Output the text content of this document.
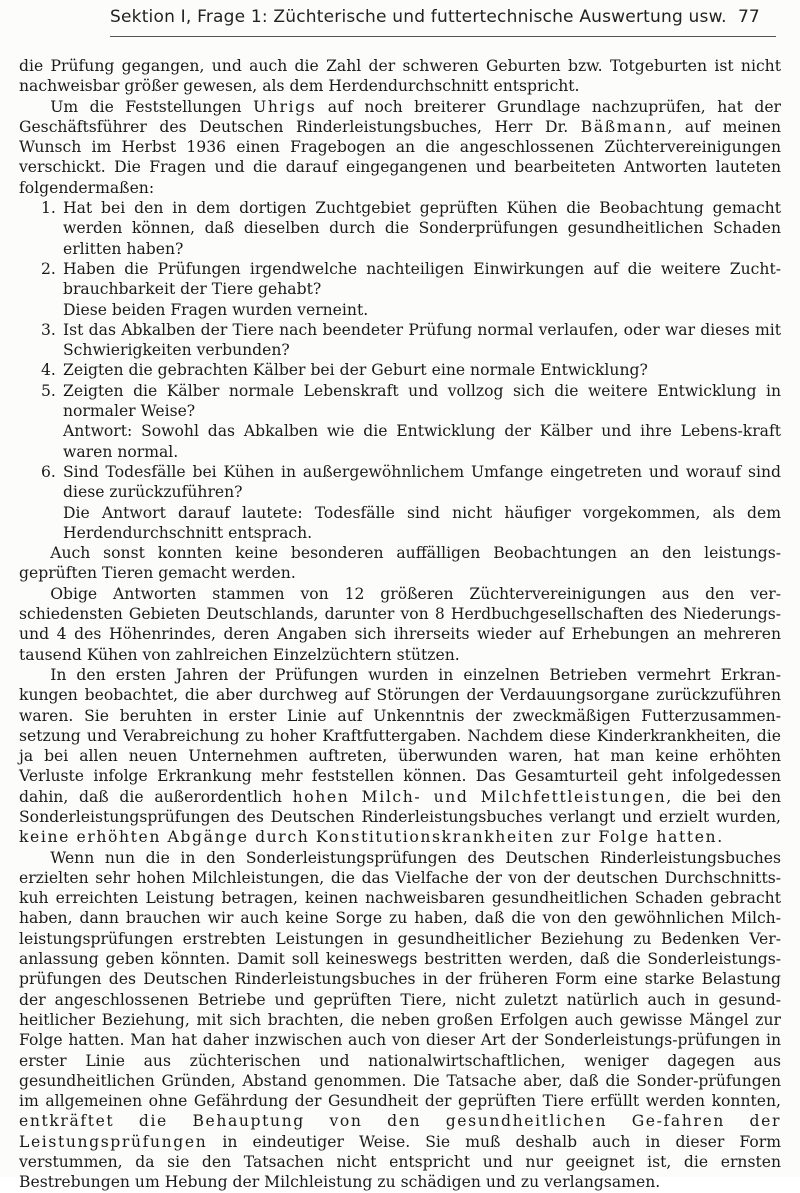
Sektion I, Frage 1: Züchterische und futtertechnische Auswertung usw. 77

die Prüfung gegangen, und auch die Zahl der schweren Geburten bzw. Totgeburten ist nicht nachweisbar größer gewesen, als dem Herdendurchschnitt entspricht.

Um die Feststellungen Uhrigs auf noch breiterer Grundlage nachzuprüfen, hat der Geschäftsführer des Deutschen Rinderleistungsbuches, Herr Dr. Bäßmann, auf meinen Wunsch im Herbst 1936 einen Fragebogen an die angeschlossenen Züchtervereinigungen verschickt. Die Fragen und die darauf eingegangenen und bearbeiteten Antworten lauteten folgendermaßen:

1. Hat bei den in dem dortigen Zuchtgebiet geprüften Kühen die Beobachtung gemacht werden können, daß dieselben durch die Sonderprüfungen gesundheitlichen Schaden erlitten haben?

2. Haben die Prüfungen irgendwelche nachteiligen Einwirkungen auf die weitere Zucht-brauchbarkeit der Tiere gehabt?

Diese beiden Fragen wurden verneint.

3. Ist das Abkalben der Tiere nach beendeter Prüfung normal verlaufen, oder war dieses mit Schwierigkeiten verbunden?

4. Zeigten die gebrachten Kälber bei der Geburt eine normale Entwicklung?

5. Zeigten die Kälber normale Lebenskraft und vollzog sich die weitere Entwicklung in normaler Weise?

Antwort: Sowohl das Abkalben wie die Entwicklung der Kälber und ihre Lebens-kraft waren normal.

6. Sind Todesfälle bei Kühen in außergewöhnlichem Umfange eingetreten und worauf sind diese zurückzuführen?

Die Antwort darauf lautete: Todesfälle sind nicht häufiger vorgekommen, als dem Herdendurchschnitt entsprach.

Auch sonst konnten keine besonderen auffälligen Beobachtungen an den leistungs-geprüften Tieren gemacht werden.

Obige Antworten stammen von 12 größeren Züchtervereinigungen aus den ver-schiedensten Gebieten Deutschlands, darunter von 8 Herdbuchgesellschaften des Niederungs- und 4 des Höhenrindes, deren Angaben sich ihrerseits wieder auf Erhebungen an mehreren tausend Kühen von zahlreichen Einzelzüchtern stützen.

In den ersten Jahren der Prüfungen wurden in einzelnen Betrieben vermehrt Erkran-kungen beobachtet, die aber durchweg auf Störungen der Verdauungsorgane zurückzuführen waren. Sie beruhten in erster Linie auf Unkenntnis der zweckmäßigen Futterzusammen-setzung und Verabreichung zu hoher Kraftfuttergaben. Nachdem diese Kinderkrankheiten, die ja bei allen neuen Unternehmen auftreten, überwunden waren, hat man keine erhöhten Verluste infolge Erkrankung mehr feststellen können. Das Gesamturteil geht infolgedessen dahin, daß die außerordentlich hohen Milch- und Milchfettleistungen, die bei den Sonderleistungsprüfungen des Deutschen Rinderleistungsbuches verlangt und erzielt wurden, keine erhöhten Abgänge durch Konstitutionskrankheiten zur Folge hatten.

Wenn nun die in den Sonderleistungsprüfungen des Deutschen Rinderleistungsbuches erzielten sehr hohen Milchleistungen, die das Vielfache der von der deutschen Durchschnitts-kuh erreichten Leistung betragen, keinen nachweisbaren gesundheitlichen Schaden gebracht haben, dann brauchen wir auch keine Sorge zu haben, daß die von den gewöhnlichen Milch-leistungsprüfungen erstrebten Leistungen in gesundheitlicher Beziehung zu Bedenken Ver-anlassung geben könnten. Damit soll keineswegs bestritten werden, daß die Sonderleistungs-prüfungen des Deutschen Rinderleistungsbuches in der früheren Form eine starke Belastung der angeschlossenen Betriebe und geprüften Tiere, nicht zuletzt natürlich auch in gesund-heitlicher Beziehung, mit sich brachten, die neben großen Erfolgen auch gewisse Mängel zur Folge hatten. Man hat daher inzwischen auch von dieser Art der Sonderleistungs-prüfungen in erster Linie aus züchterischen und nationalwirtschaftlichen, weniger dagegen aus gesundheitlichen Gründen, Abstand genommen. Die Tatsache aber, daß die Sonder-prüfungen im allgemeinen ohne Gefährdung der Gesundheit der geprüften Tiere erfüllt werden konnten, entkräftet die Behauptung von den gesundheitlichen Ge-fahren der Leistungsprüfungen in eindeutiger Weise. Sie muß deshalb auch in dieser Form verstummen, da sie den Tatsachen nicht entspricht und nur geeignet ist, die ernsten Bestrebungen um Hebung der Milchleistung zu schädigen und zu verlangsamen.
